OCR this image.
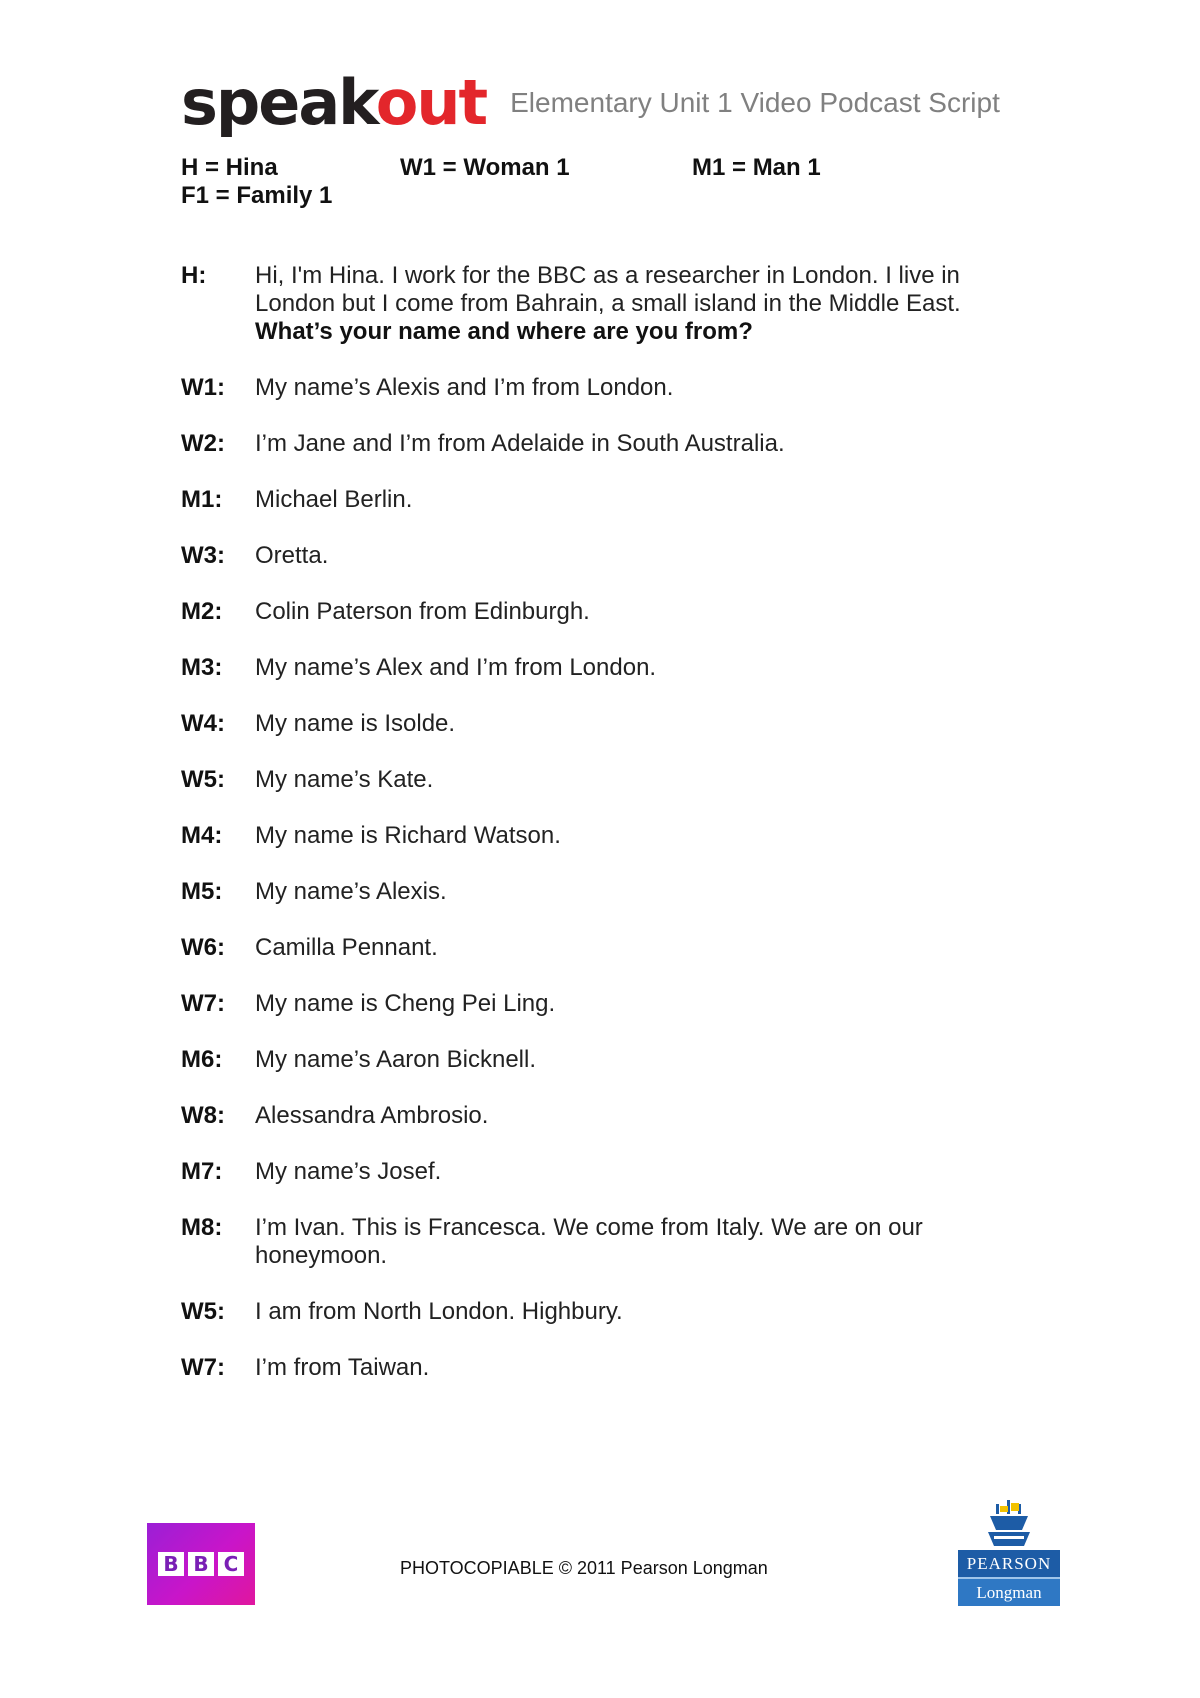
speakout Elementary Unit 1 Video Podcast Script
H = Hina	W1 = Woman 1	M1 = Man 1
F1 = Family 1
H:	Hi, I'm Hina. I work for the BBC as a researcher in London. I live in London but I come from Bahrain, a small island in the Middle East.
What’s your name and where are you from?
W1:	My name’s Alexis and I’m from London.
W2:	I’m Jane and I’m from Adelaide in South Australia.
M1:	Michael Berlin.
W3:	Oretta.
M2:	Colin Paterson from Edinburgh.
M3:	My name’s Alex and I’m from London.
W4:	My name is Isolde.
W5:	My name’s Kate.
M4:	My name is Richard Watson.
M5:	My name’s Alexis.
W6:	Camilla Pennant.
W7:	My name is Cheng Pei Ling.
M6:	My name’s Aaron Bicknell.
W8:	Alessandra Ambrosio.
M7:	My name’s Josef.
M8:	I’m Ivan. This is Francesca. We come from Italy. We are on our honeymoon.
W5:	I am from North London. Highbury.
W7:	I’m from Taiwan.
B B C	PHOTOCOPIABLE © 2011 Pearson Longman	PEARSON
Longman
